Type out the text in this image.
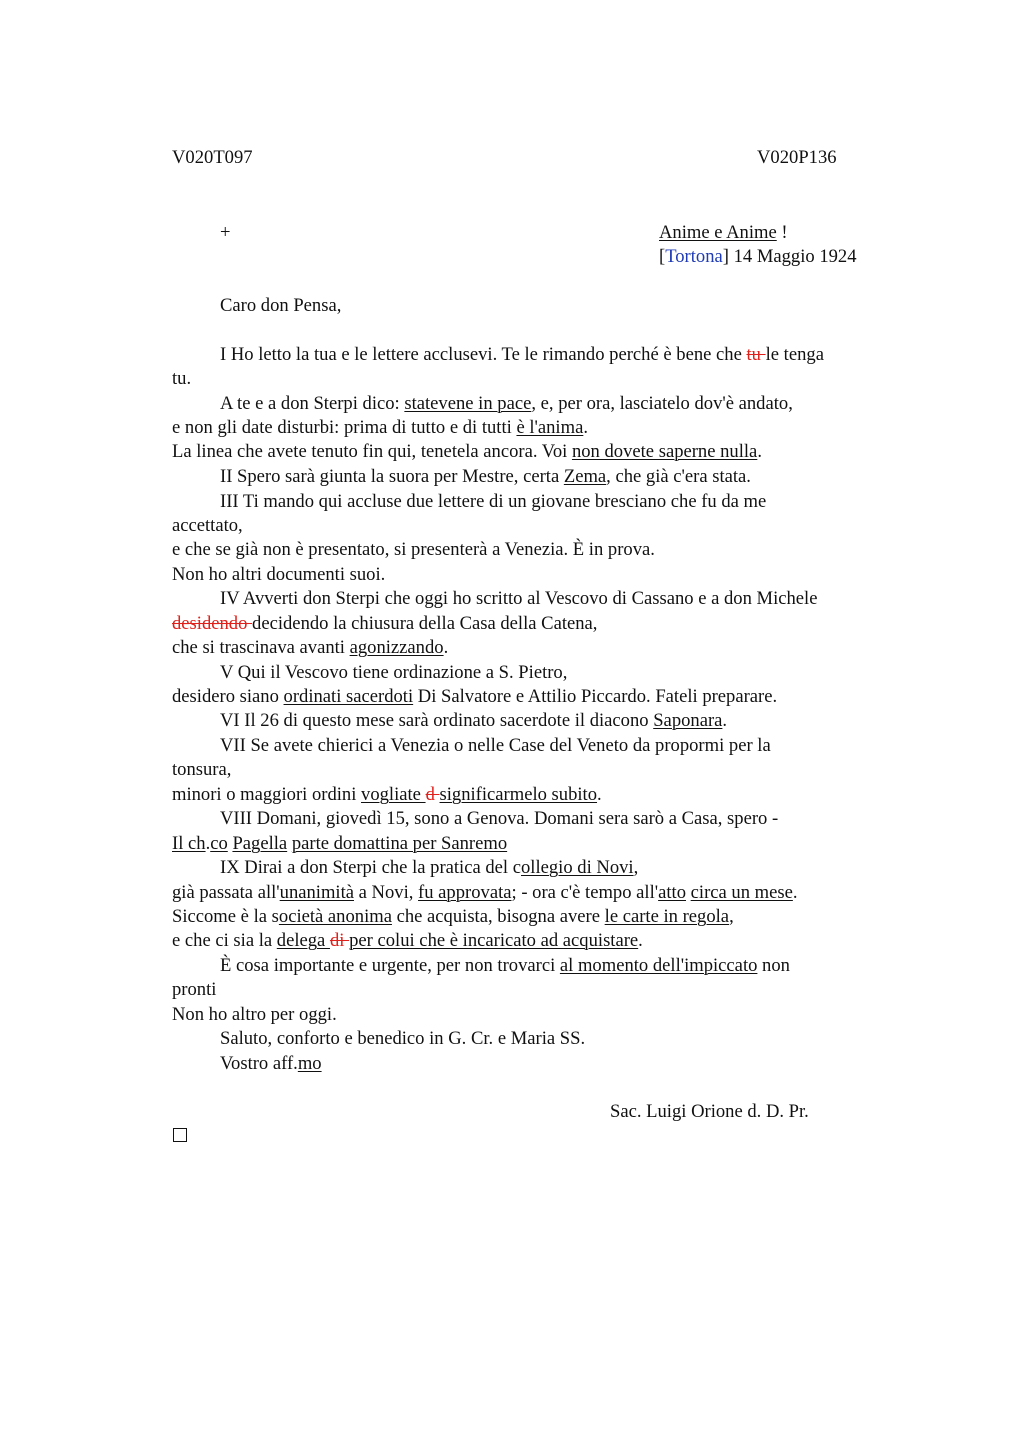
V020T097	V020P136
+	Anime e Anime !
[Tortona] 14 Maggio 1924
Caro don Pensa,
I Ho letto la tua e le lettere acclusevi. Te le rimando perché è bene che tu le tenga
tu.
A te e a don Sterpi dico: statevene in pace, e, per ora, lasciatelo dov'è andato,
e non gli date disturbi: prima di tutto e di tutti è l'anima.
La linea che avete tenuto fin qui, tenetela ancora. Voi non dovete saperne nulla.
II Spero sarà giunta la suora per Mestre, certa Zema, che già c'era stata.
III Ti mando qui accluse due lettere di un giovane bresciano che fu da me
accettato,
e che se già non è presentato, si presenterà a Venezia. È in prova.
Non ho altri documenti suoi.
IV Avverti don Sterpi che oggi ho scritto al Vescovo di Cassano e a don Michele
desidendo decidendo la chiusura della Casa della Catena,
che si trascinava avanti agonizzando.
V Qui il Vescovo tiene ordinazione a S. Pietro,
desidero siano ordinati sacerdoti Di Salvatore e Attilio Piccardo. Fateli preparare.
VI Il 26 di questo mese sarà ordinato sacerdote il diacono Saponara.
VII Se avete chierici a Venezia o nelle Case del Veneto da propormi per la
tonsura,
minori o maggiori ordini vogliate d significarmelo subito.
VIII Domani, giovedì 15, sono a Genova. Domani sera sarò a Casa, spero -
Il ch.co Pagella parte domattina per Sanremo
IX Dirai a don Sterpi che la pratica del collegio di Novi,
già passata all'unanimità a Novi, fu approvata; - ora c'è tempo all'atto circa un mese.
Siccome è la società anonima che acquista, bisogna avere le carte in regola,
e che ci sia la delega di per colui che è incaricato ad acquistare.
È cosa importante e urgente, per non trovarci al momento dell'impiccato non
pronti
Non ho altro per oggi.
Saluto, conforto e benedico in G. Cr. e Maria SS.
Vostro aff.mo
Sac. Luigi Orione d. D. Pr.
